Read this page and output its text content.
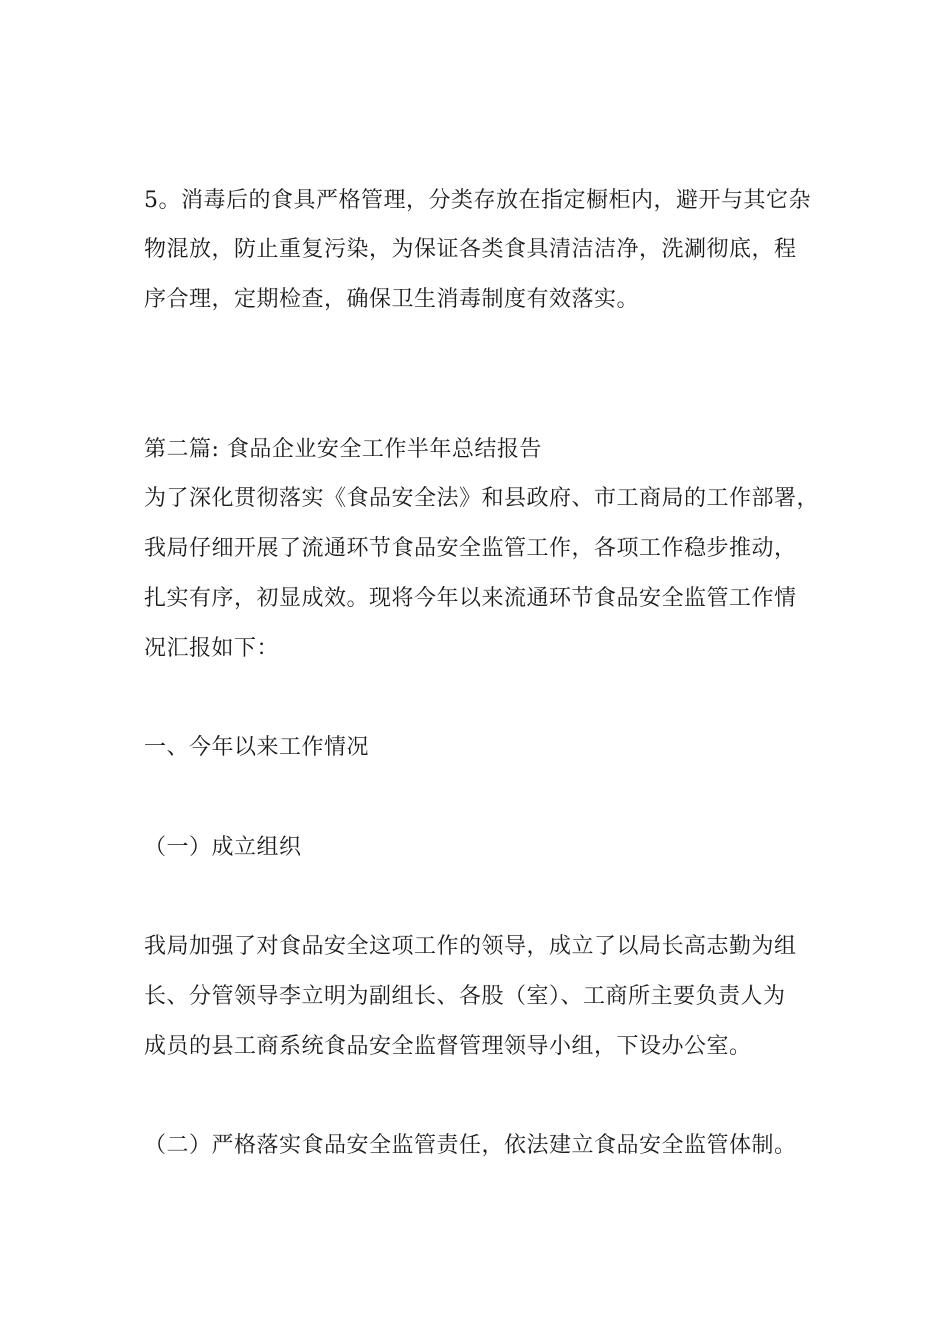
5。消毒后的食具严格管理，分类存放在指定橱柜内，避开与其它杂
物混放，防止重复污染，为保证各类食具清洁洁净，洗涮彻底，程
序合理，定期检查，确保卫生消毒制度有效落实。
第二篇: 食品企业安全工作半年总结报告
为了深化贯彻落实《食品安全法》和县政府、市工商局的工作部署，
我局仔细开展了流通环节食品安全监管工作，各项工作稳步推动，
扎实有序，初显成效。现将今年以来流通环节食品安全监管工作情
况汇报如下：
一、今年以来工作情况
（一）成立组织
我局加强了对食品安全这项工作的领导，成立了以局长高志勤为组
长、分管领导李立明为副组长、各股（室）、工商所主要负责人为
成员的县工商系统食品安全监督管理领导小组，下设办公室。
（二）严格落实食品安全监管责任，依法建立食品安全监管体制。
